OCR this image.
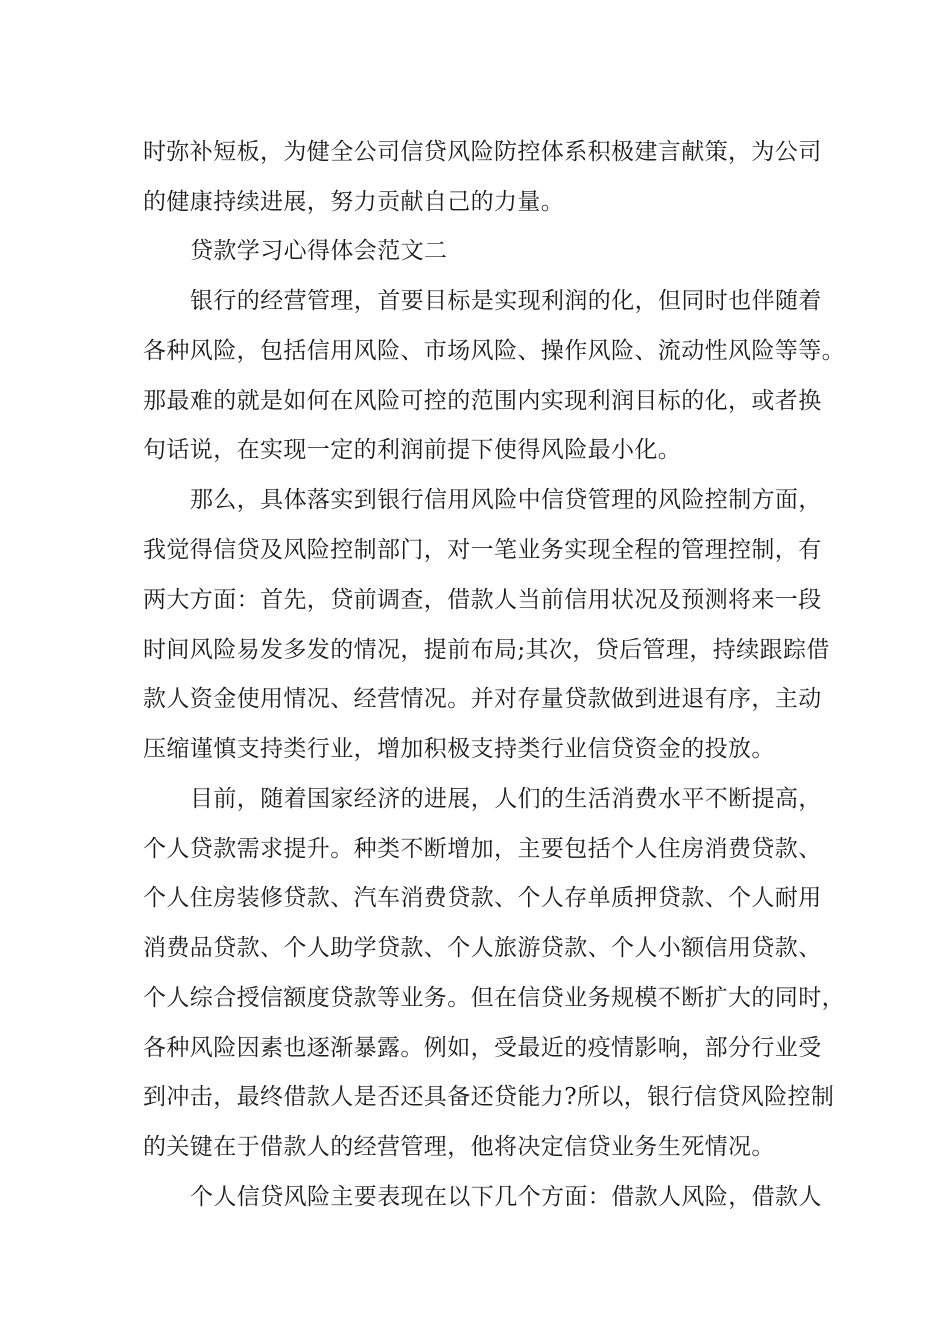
时弥补短板，为健全公司信贷风险防控体系积极建言献策，为公司
的健康持续进展，努力贡献自己的力量。
贷款学习心得体会范文二
银行的经营管理，首要目标是实现利润的化，但同时也伴随着
各种风险，包括信用风险、市场风险、操作风险、流动性风险等等。
那最难的就是如何在风险可控的范围内实现利润目标的化，或者换
句话说，在实现一定的利润前提下使得风险最小化。
那么，具体落实到银行信用风险中信贷管理的风险控制方面，
我觉得信贷及风险控制部门，对一笔业务实现全程的管理控制，有
两大方面：首先，贷前调查，借款人当前信用状况及预测将来一段
时间风险易发多发的情况，提前布局;其次，贷后管理，持续跟踪借
款人资金使用情况、经营情况。并对存量贷款做到进退有序，主动
压缩谨慎支持类行业，增加积极支持类行业信贷资金的投放。
目前，随着国家经济的进展，人们的生活消费水平不断提高，
个人贷款需求提升。种类不断增加，主要包括个人住房消费贷款、
个人住房装修贷款、汽车消费贷款、个人存单质押贷款、个人耐用
消费品贷款、个人助学贷款、个人旅游贷款、个人小额信用贷款、
个人综合授信额度贷款等业务。但在信贷业务规模不断扩大的同时，
各种风险因素也逐渐暴露。例如，受最近的疫情影响，部分行业受
到冲击，最终借款人是否还具备还贷能力?所以，银行信贷风险控制
的关键在于借款人的经营管理，他将决定信贷业务生死情况。
个人信贷风险主要表现在以下几个方面：借款人风险，借款人
